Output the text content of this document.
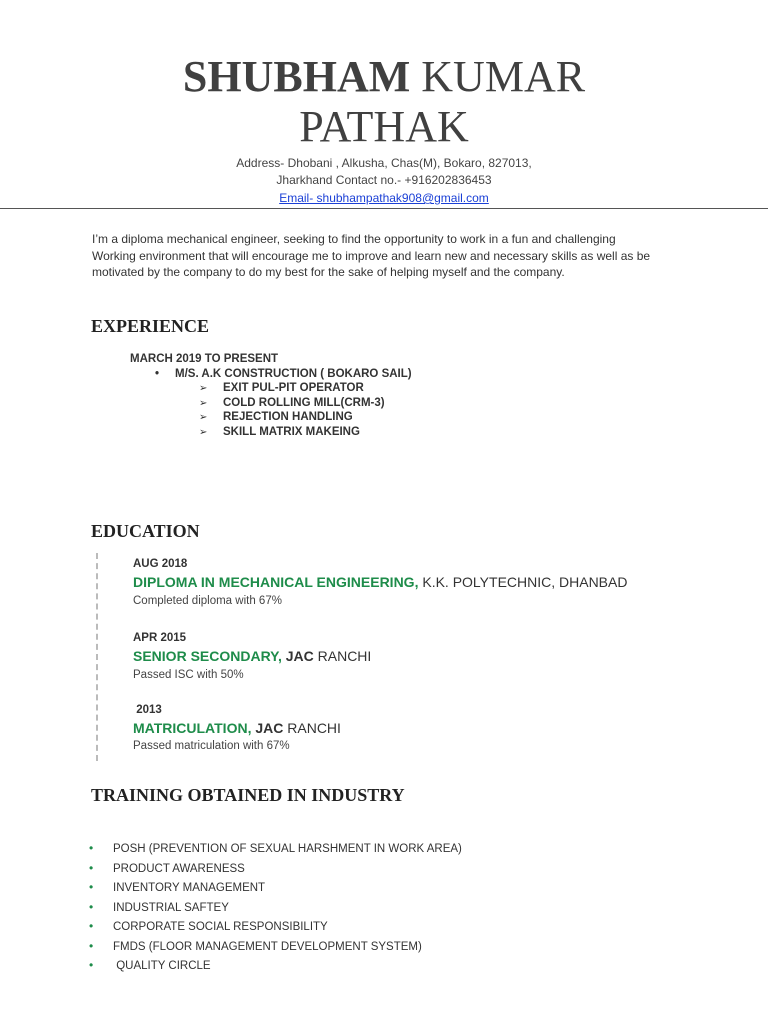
SHUBHAM KUMAR
PATHAK
Address- Dhobani , Alkusha, Chas(M), Bokaro, 827013,
Jharkhand Contact no.- +916202836453
Email- shubhampathak908@gmail.com
I’m a diploma mechanical engineer, seeking to find the opportunity to work in a fun and challenging
Working environment that will encourage me to improve and learn new and necessary skills as well as be
motivated by the company to do my best for the sake of helping myself and the company.
EXPERIENCE
MARCH 2019 TO PRESENT
• M/S. A.K CONSTRUCTION ( BOKARO SAIL)
➢ EXIT PUL-PIT OPERATOR
➢ COLD ROLLING MILL(CRM-3)
➢ REJECTION HANDLING
➢ SKILL MATRIX MAKEING
EDUCATION
AUG 2018
DIPLOMA IN MECHANICAL ENGINEERING, K.K. POLYTECHNIC, DHANBAD
Completed diploma with 67%
APR 2015
SENIOR SECONDARY, JAC RANCHI
Passed ISC with 50%
2013
MATRICULATION, JAC RANCHI
Passed matriculation with 67%
TRAINING OBTAINED IN INDUSTRY
• POSH (PREVENTION OF SEXUAL HARSHMENT IN WORK AREA)
• PRODUCT AWARENESS
• INVENTORY MANAGEMENT
• INDUSTRIAL SAFTEY
• CORPORATE SOCIAL RESPONSIBILITY
• FMDS (FLOOR MANAGEMENT DEVELOPMENT SYSTEM)
• QUALITY CIRCLE
